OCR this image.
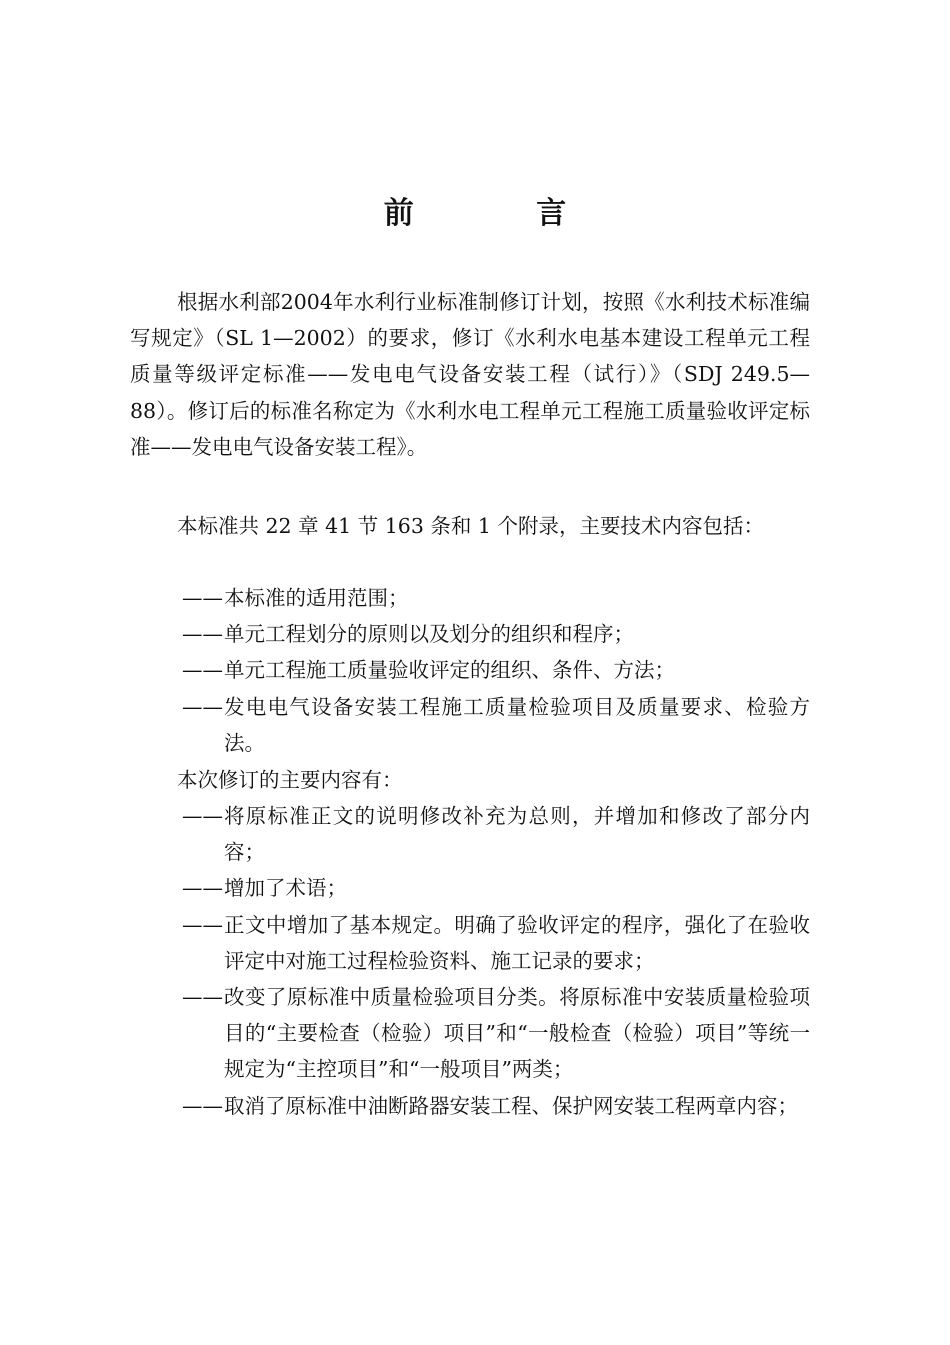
前 言

根据水利部2004年水利行业标准制修订计划，按照《水利技术标准编写规定》（SL 1—2002）的要求，修订《水利水电基本建设工程单元工程质量等级评定标准——发电电气设备安装工程（试行）》（SDJ 249.5—88）。修订后的标准名称定为《水利水电工程单元工程施工质量验收评定标准——发电电气设备安装工程》。

本标准共 22 章 41 节 163 条和 1 个附录，主要技术内容包括：

—— 本标准的适用范围；
—— 单元工程划分的原则以及划分的组织和程序；
—— 单元工程施工质量验收评定的组织、条件、方法；
—— 发电电气设备安装工程施工质量检验项目及质量要求、检验方法。
本次修订的主要内容有：
—— 将原标准正文的说明修改补充为总则，并增加和修改了部分内容；
—— 增加了术语；
—— 正文中增加了基本规定。明确了验收评定的程序，强化了在验收评定中对施工过程检验资料、施工记录的要求；
—— 改变了原标准中质量检验项目分类。将原标准中安装质量检验项目的“主要检查（检验）项目”和“一般检查（检验）项目”等统一规定为“主控项目”和“一般项目”两类；
—— 取消了原标准中油断路器安装工程、保护网安装工程两章内容；
